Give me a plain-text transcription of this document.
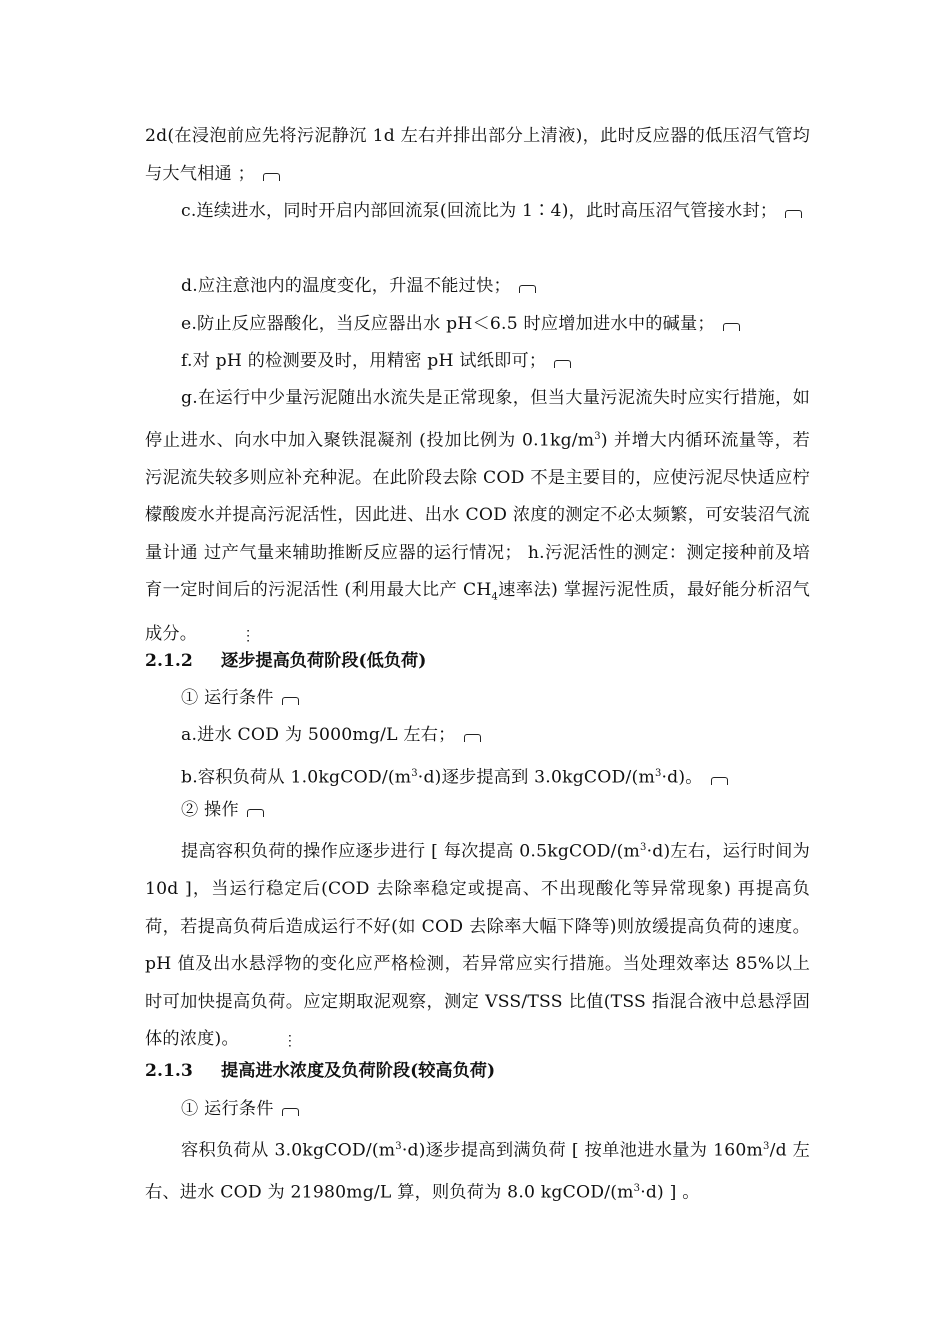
2d(在浸泡前应先将污泥静沉 1d 左右并排出部分上清液)，此时反应器的低压沼气管均与大气相通 ；

c.连续进水，同时开启内部回流泵(回流比为 1∶4)，此时高压沼气管接水封；

d.应注意池内的温度变化，升温不能过快；

e.防止反应器酸化，当反应器出水 pH＜6.5 时应增加进水中的碱量；

f.对 pH 的检测要及时，用精密 pH 试纸即可；

g.在运行中少量污泥随出水流失是正常现象，但当大量污泥流失时应实行措施，如停止进水、向水中加入聚铁混凝剂 (投加比例为 $0.1kg/m^3$) 并增大内循环流量等，若污泥流失较多则应补充种泥。在此阶段去除 COD 不是主要目的，应使污泥尽快适应柠檬酸废水并提高污泥活性，因此进、出水 COD 浓度的测定不必太频繁，可安装沼气流量计通 过产气量来辅助推断反应器的运行情况； h.污泥活性的测定：测定接种前及培育一定时间后的污泥活性 (利用最大比产 $CH_4$速率法) 掌握污泥性质，最好能分析沼气成分。	⋮

2.1.2 逐步提高负荷阶段(低负荷)

① 运行条件

a.进水 COD 为 5000mg/L 左右；

b.容积负荷从 $1.0kgCOD/(m^3\cdot d)$逐步提高到 $3.0kgCOD/(m^3\cdot d)$。

② 操作

提高容积负荷的操作应逐步进行 [ 每次提高 $0.5kgCOD/(m^3\cdot d)$左右，运行时间为 10d ]，当运行稳定后(COD 去除率稳定或提高、不出现酸化等异常现象) 再提高负荷，若提高负荷后造成运行不好(如 COD 去除率大幅下降等)则放缓提高负荷的速度。pH 值及出水悬浮物的变化应严格检测，若异常应实行措施。当处理效率达 85%以上时可加快提高负荷。应定期取泥观察，测定 VSS/TSS 比值(TSS 指混合液中总悬浮固体的浓度)。	⋮

2.1.3 提高进水浓度及负荷阶段(较高负荷)

① 运行条件

容积负荷从 $3.0kgCOD/(m^3\cdot d)$逐步提高到满负荷 [ 按单池进水量为 $160m^3/d$ 左右、进水 COD 为 21980mg/L 算，则负荷为 8.0 kgCOD/$(m^3\cdot d)$ ] 。
